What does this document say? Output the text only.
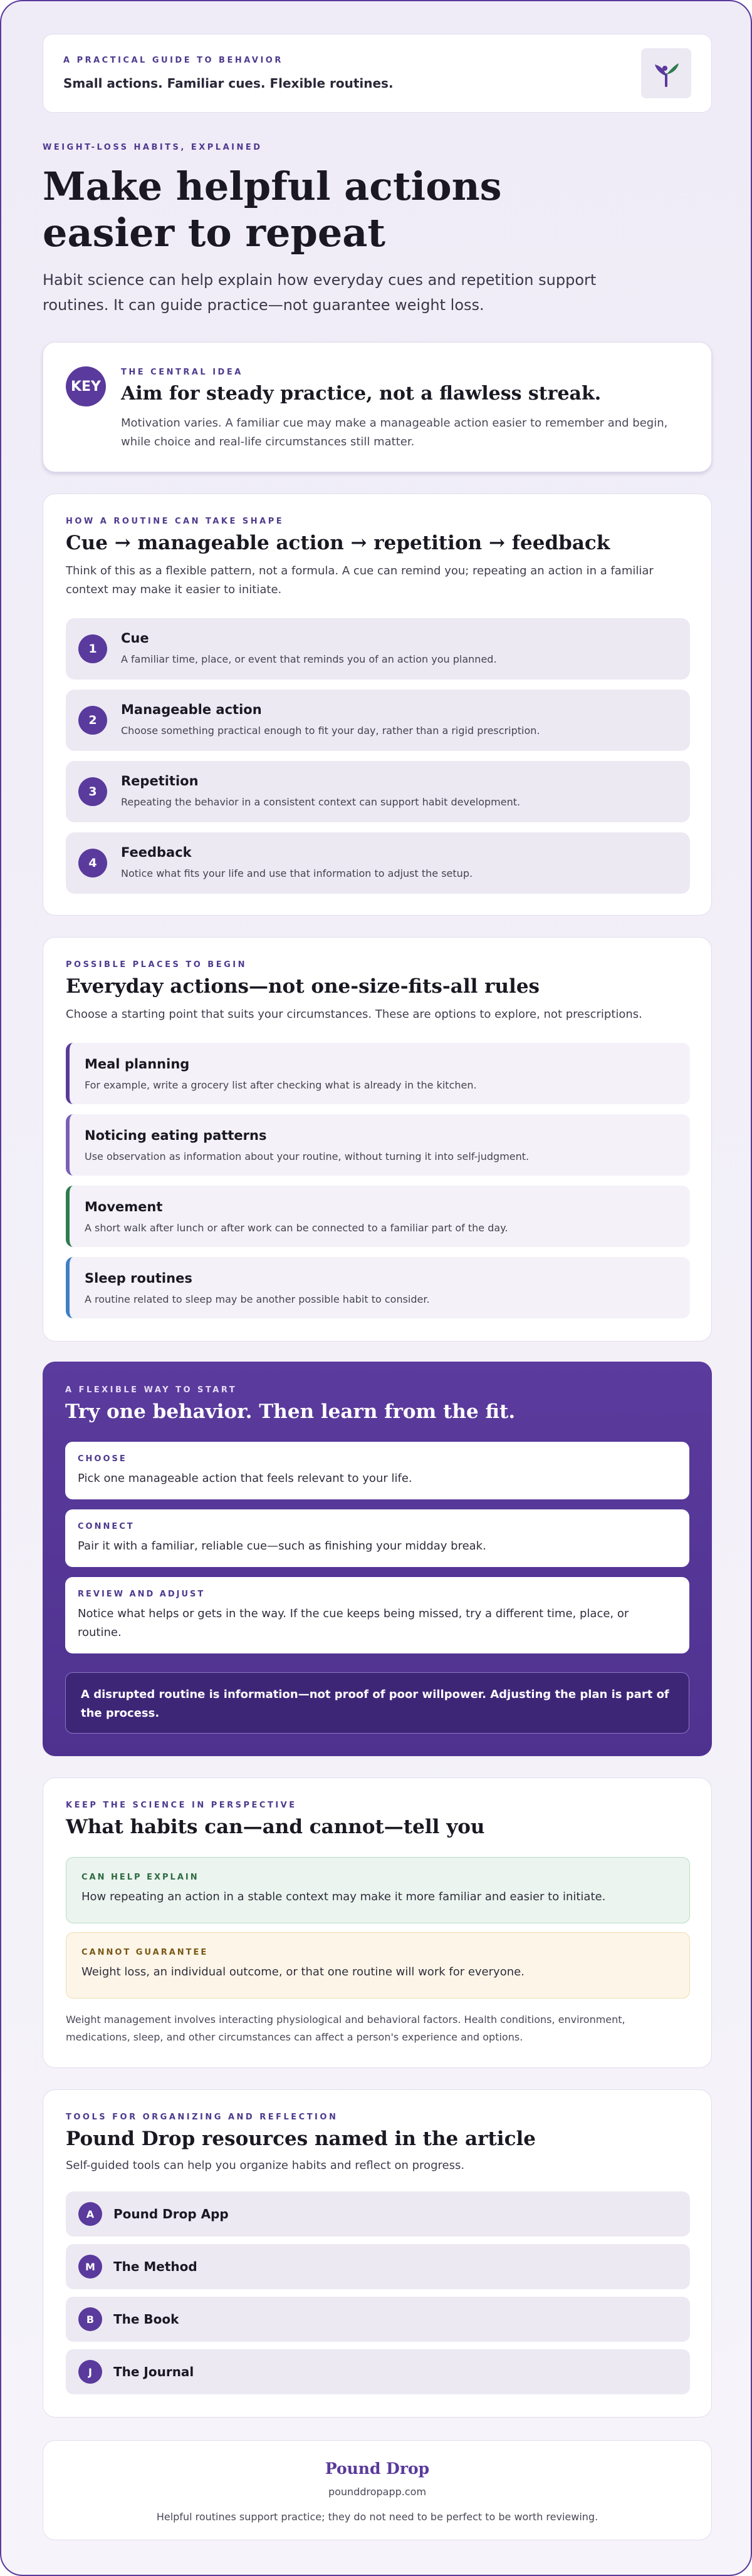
A PRACTICAL GUIDE TO BEHAVIOR
Small actions. Familiar cues. Flexible routines.
WEIGHT-LOSS HABITS, EXPLAINED
Make helpful actions easier to repeat

Habit science can help explain how everyday cues and repetition support routines. It can guide practice—not guarantee weight loss.

KEY
THE CENTRAL IDEA
Aim for steady practice, not a flawless streak.

Motivation varies. A familiar cue may make a manageable action easier to remember and begin, while choice and real-life circumstances still matter.

HOW A ROUTINE CAN TAKE SHAPE
Cue → manageable action → repetition → feedback
Think of this as a flexible pattern, not a formula. A cue can remind you; repeating an action in a familiar context may make it easier to initiate.
1
Cue
A familiar time, place, or event that reminds you of an action you planned.
2
Manageable action
Choose something practical enough to fit your day, rather than a rigid prescription.
3
Repetition
Repeating the behavior in a consistent context can support habit development.
4
Feedback
Notice what fits your life and use that information to adjust the setup.
POSSIBLE PLACES TO BEGIN
Everyday actions—not one-size-fits-all rules
Choose a starting point that suits your circumstances. These are options to explore, not prescriptions.
Meal planning
For example, write a grocery list after checking what is already in the kitchen.
Noticing eating patterns
Use observation as information about your routine, without turning it into self-judgment.
Movement
A short walk after lunch or after work can be connected to a familiar part of the day.
Sleep routines
A routine related to sleep may be another possible habit to consider.
A FLEXIBLE WAY TO START
Try one behavior. Then learn from the fit.
CHOOSE
Pick one manageable action that feels relevant to your life.
CONNECT
Pair it with a familiar, reliable cue—such as finishing your midday break.
REVIEW AND ADJUST
Notice what helps or gets in the way. If the cue keeps being missed, try a different time, place, or routine.
A disrupted routine is information—not proof of poor willpower. Adjusting the plan is part of the process.
KEEP THE SCIENCE IN PERSPECTIVE
What habits can—and cannot—tell you
CAN HELP EXPLAIN
How repeating an action in a stable context may make it more familiar and easier to initiate.
CANNOT GUARANTEE
Weight loss, an individual outcome, or that one routine will work for everyone.
Weight management involves interacting physiological and behavioral factors. Health conditions, environment, medications, sleep, and other circumstances can affect a person's experience and options.
TOOLS FOR ORGANIZING AND REFLECTION
Pound Drop resources named in the article
Self-guided tools can help you organize habits and reflect on progress.
A	Pound Drop App
M	The Method
B	The Book
J	The Journal
Pound Drop
pounddropapp.com
Helpful routines support practice; they do not need to be perfect to be worth reviewing.
